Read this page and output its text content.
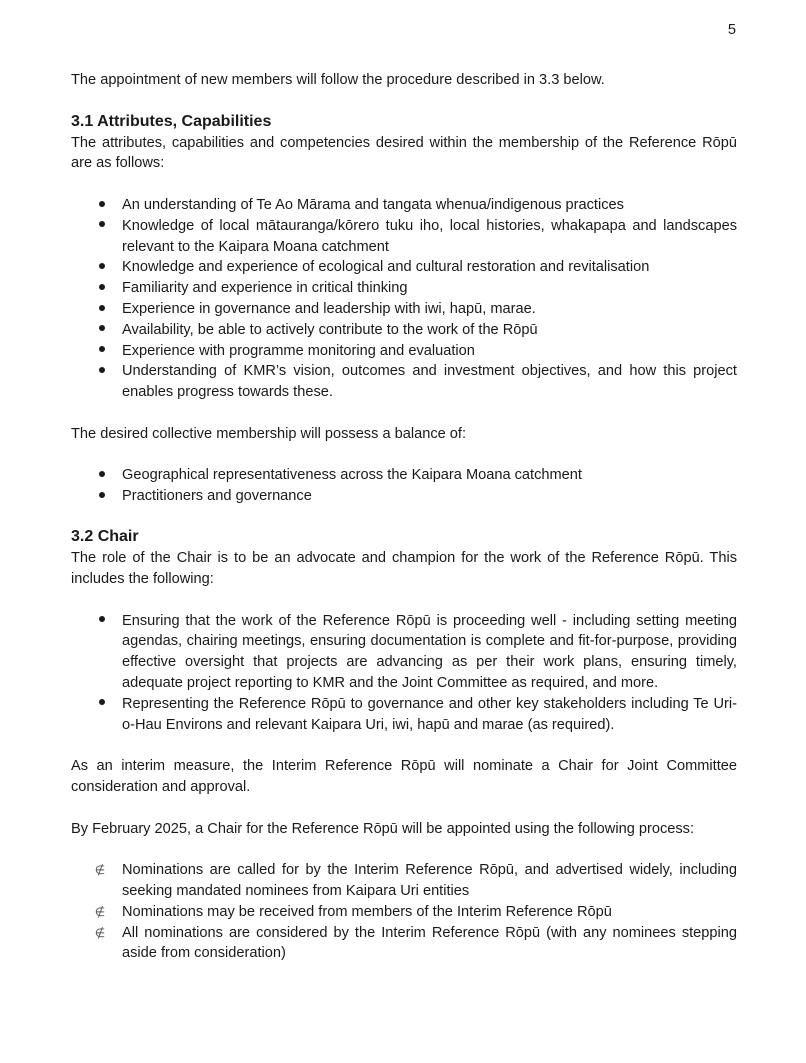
5

The appointment of new members will follow the procedure described in 3.3 below.

3.1 Attributes, Capabilities

The attributes, capabilities and competencies desired within the membership of the Reference Rōpū are as follows:

An understanding of Te Ao Mārama and tangata whenua/indigenous practices
Knowledge of local mātauranga/kōrero tuku iho, local histories, whakapapa and landscapes relevant to the Kaipara Moana catchment
Knowledge and experience of ecological and cultural restoration and revitalisation
Familiarity and experience in critical thinking
Experience in governance and leadership with iwi, hapū, marae.
Availability, be able to actively contribute to the work of the Rōpū
Experience with programme monitoring and evaluation
Understanding of KMR’s vision, outcomes and investment objectives, and how this project enables progress towards these.

The desired collective membership will possess a balance of:

Geographical representativeness across the Kaipara Moana catchment
Practitioners and governance
3.2 Chair

The role of the Chair is to be an advocate and champion for the work of the Reference Rōpū. This includes the following:

Ensuring that the work of the Reference Rōpū is proceeding well - including setting meeting agendas, chairing meetings, ensuring documentation is complete and fit-for-purpose, providing effective oversight that projects are advancing as per their work plans, ensuring timely, adequate project reporting to KMR and the Joint Committee as required, and more.
Representing the Reference Rōpū to governance and other key stakeholders including Te Uri-o-Hau Environs and relevant Kaipara Uri, iwi, hapū and marae (as required).

As an interim measure, the Interim Reference Rōpū will nominate a Chair for Joint Committee consideration and approval.

By February 2025, a Chair for the Reference Rōpū will be appointed using the following process:

∉ Nominations are called for by the Interim Reference Rōpū, and advertised widely, including seeking mandated nominees from Kaipara Uri entities
∉ Nominations may be received from members of the Interim Reference Rōpū
∉ All nominations are considered by the Interim Reference Rōpū (with any nominees stepping aside from consideration)
